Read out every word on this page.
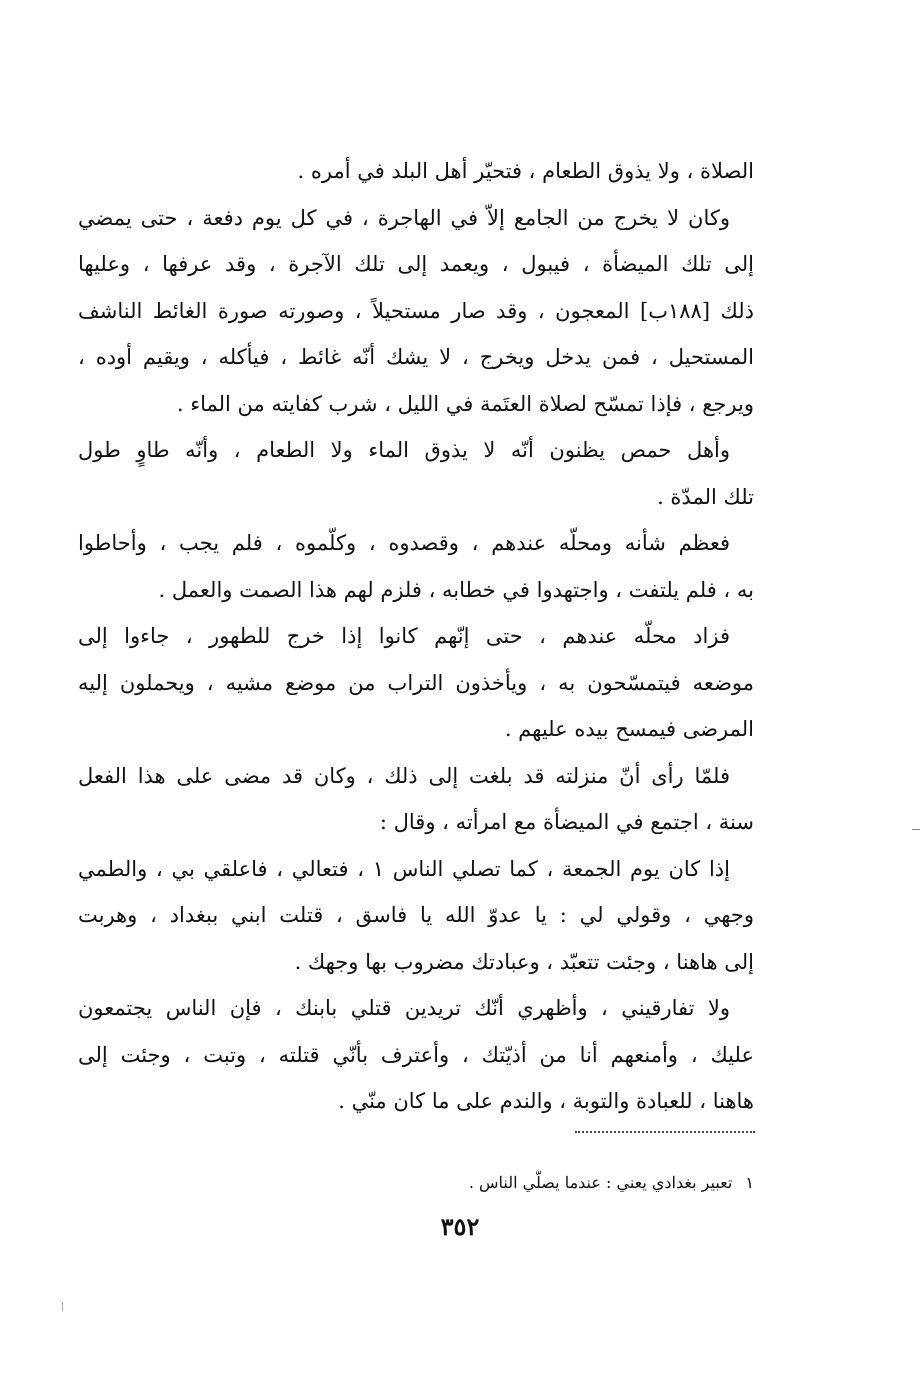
الصلاة ، ولا يذوق الطعام ، فتحيّر أهل البلد في أمره .
وكان لا يخرج من الجامع إلاّ في الهاجرة ، في كل يوم دفعة ، حتى يمضي
إلى تلك الميضأة ، فيبول ، ويعمد إلى تلك الآجرة ، وقد عرفها ، وعليها
ذلك [١٨٨ب] المعجون ، وقد صار مستحيلاً ، وصورته صورة الغائط الناشف
المستحيل ، فمن يدخل ويخرج ، لا يشك أنّه غائط ، فيأكله ، ويقيم أوده ،
ويرجع ، فإذا تمسّح لصلاة العتَمة في الليل ، شرب كفايته من الماء .
وأهل حمص يظنون أنّه لا يذوق الماء ولا الطعام ، وأنّه طاوٍ طول
تلك المدّة .
فعظم شأنه ومحلّه عندهم ، وقصدوه ، وكلّموه ، فلم يجب ، وأحاطوا
به ، فلم يلتفت ، واجتهدوا في خطابه ، فلزم لهم هذا الصمت والعمل .
فزاد محلّه عندهم ، حتى إنّهم كانوا إذا خرج للطهور ، جاءوا إلى
موضعه فيتمسّحون به ، ويأخذون التراب من موضع مشيه ، ويحملون إليه
المرضى فيمسح بيده عليهم .
فلمّا رأى أنّ منزلته قد بلغت إلى ذلك ، وكان قد مضى على هذا الفعل
سنة ، اجتمع في الميضأة مع امرأته ، وقال :
إذا كان يوم الجمعة ، كما تصلي الناس ١ ، فتعالي ، فاعلقي بي ، والطمي
وجهي ، وقولي لي : يا عدوّ الله يا فاسق ، قتلت ابني ببغداد ، وهربت
إلى هاهنا ، وجئت تتعبّد ، وعبادتك مضروب بها وجهك .
ولا تفارقيني ، وأظهري أنّك تريدين قتلي بابنك ، فإن الناس يجتمعون
عليك ، وأمنعهم أنا من أذيّتك ، وأعترف بأنّي قتلته ، وتبت ، وجئت إلى
هاهنا ، للعبادة والتوبة ، والندم على ما كان منّي .
١ تعبير بغدادي يعني : عندما يصلّي الناس .
٣٥٢
